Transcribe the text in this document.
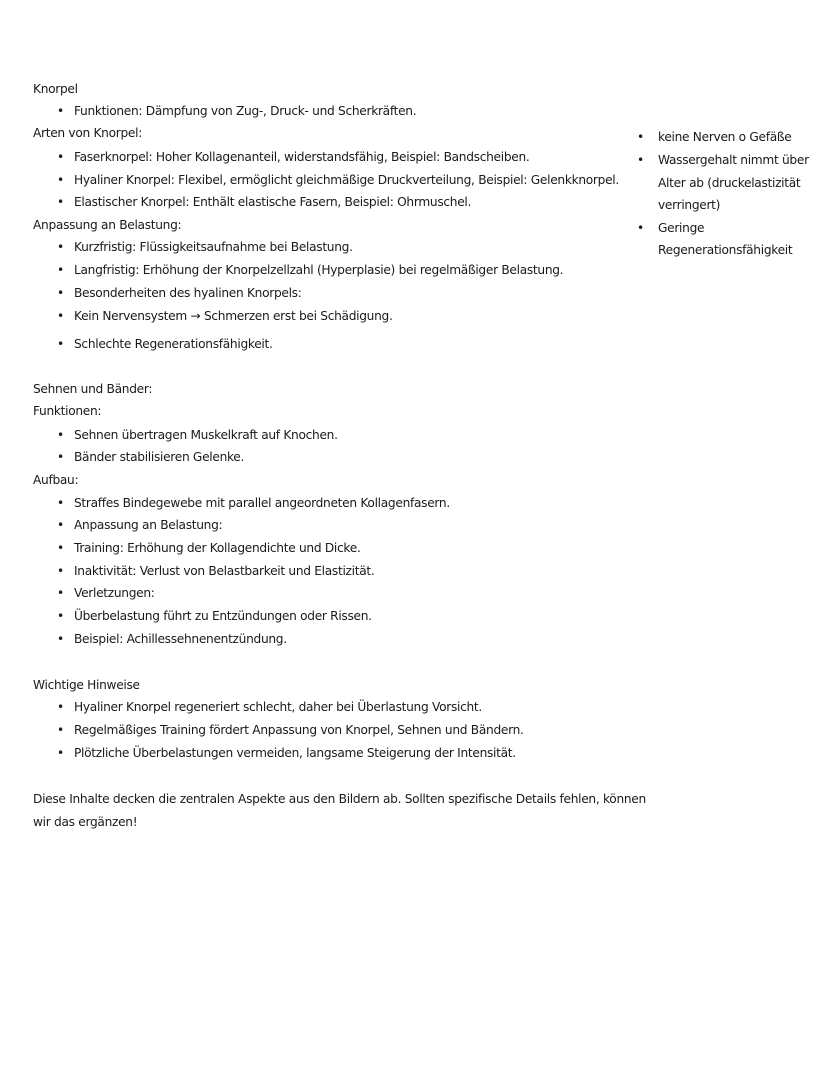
Knorpel
• Funktionen: Dämpfung von Zug-, Druck- und Scherkräften.
Arten von Knorpel:
• Faserknorpel: Hoher Kollagenanteil, widerstandsfähig, Beispiel: Bandscheiben.
• Hyaliner Knorpel: Flexibel, ermöglicht gleichmäßige Druckverteilung, Beispiel: Gelenkknorpel.
• Elastischer Knorpel: Enthält elastische Fasern, Beispiel: Ohrmuschel.
Anpassung an Belastung:
• Kurzfristig: Flüssigkeitsaufnahme bei Belastung.
• Langfristig: Erhöhung der Knorpelzellzahl (Hyperplasie) bei regelmäßiger Belastung.
• Besonderheiten des hyalinen Knorpels:
• Kein Nervensystem → Schmerzen erst bei Schädigung.
• Schlechte Regenerationsfähigkeit.
• keine Nerven o Gefäße
• Wassergehalt nimmt über
Alter ab (druckelastizität
verringert)
• Geringe
Regenerationsfähigkeit
Sehnen und Bänder:
Funktionen:
• Sehnen übertragen Muskelkraft auf Knochen.
• Bänder stabilisieren Gelenke.
Aufbau:
• Straffes Bindegewebe mit parallel angeordneten Kollagenfasern.
• Anpassung an Belastung:
• Training: Erhöhung der Kollagendichte und Dicke.
• Inaktivität: Verlust von Belastbarkeit und Elastizität.
• Verletzungen:
• Überbelastung führt zu Entzündungen oder Rissen.
• Beispiel: Achillessehnenentzündung.
Wichtige Hinweise
• Hyaliner Knorpel regeneriert schlecht, daher bei Überlastung Vorsicht.
• Regelmäßiges Training fördert Anpassung von Knorpel, Sehnen und Bändern.
• Plötzliche Überbelastungen vermeiden, langsame Steigerung der Intensität.
Diese Inhalte decken die zentralen Aspekte aus den Bildern ab. Sollten spezifische Details fehlen, können
wir das ergänzen!
